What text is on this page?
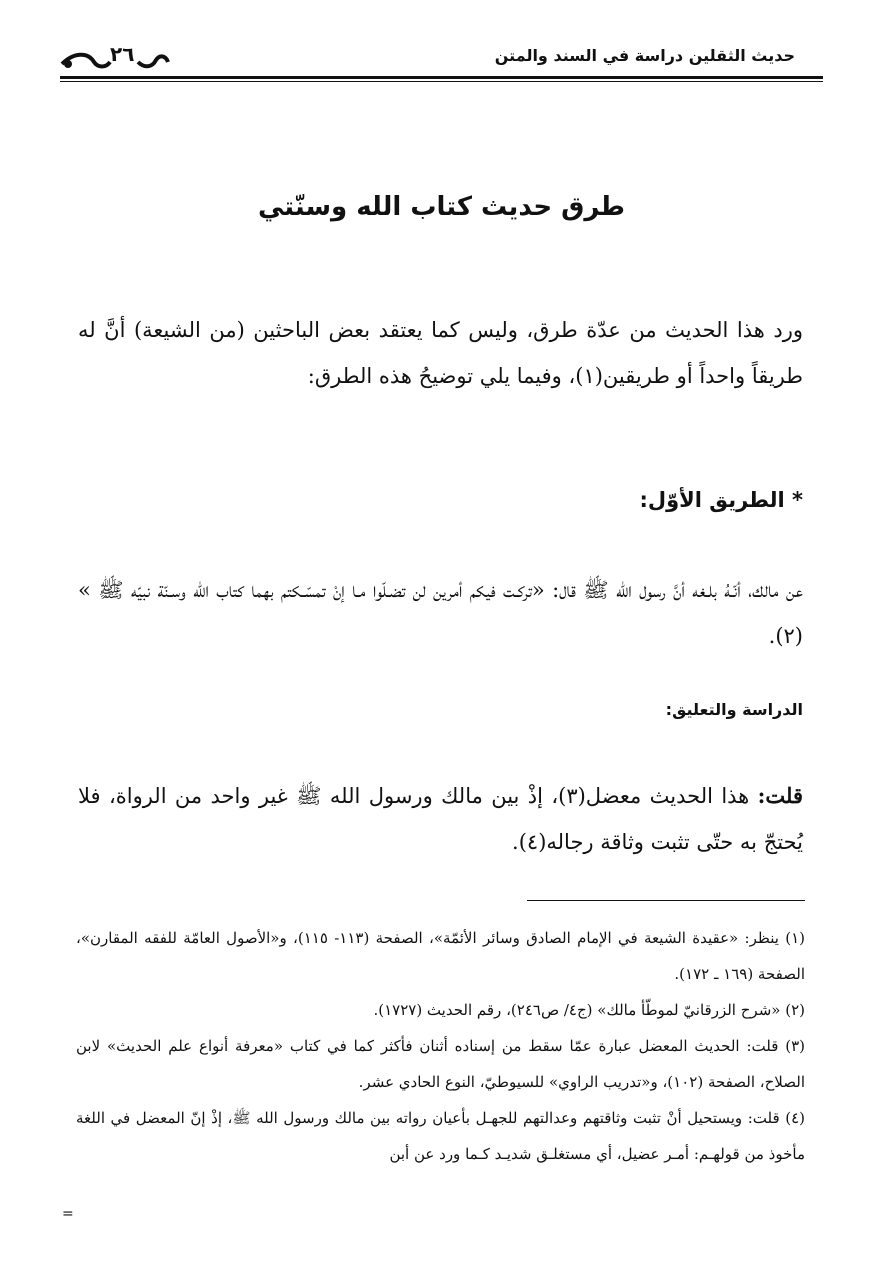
حديث الثقلين دراسة في السند والمتن
٢٦
طرق حديث كتاب الله وسنّتي

ورد هذا الحديث من عدّة طرق، وليس كما يعتقد بعض الباحثين (من الشيعة) أنَّ له طريقاً واحداً أو طريقين(١)، وفيما يلي توضيحُ هذه الطرق:

* الطريق الأوّل:

عن مالك، أنّـهُ بلـغه أنَّ رسول الله ﷺ قال: «تركـت فيكم أمرين لن تضـلّوا مـا إنْ تمسّـكتم بهما كتاب الله وسـنّة نبيّه ﷺ » (٢).

الدراسة والتعليق:

قلت: هذا الحديث معضل(٣)، إذْ بين مالك ورسول الله ﷺ غير واحد من الرواة، فلا يُحتجّ به حتّى تثبت وثاقة رجاله(٤).

(١) ينظر: «عقيدة الشيعة في الإمام الصادق وسائر الأئمّة»، الصفحة (١١٣- ١١٥)، و«الأصول العامّة للفقه المقارن»، الصفحة (١٦٩ ـ ١٧٢).

(٢) «شرح الزرقانيّ لموطّأ مالك» (ج٤/ ص٢٤٦)، رقم الحديث (١٧٢٧).

(٣) قلت: الحديث المعضل عبارة عمّا سقط من إسناده أثنان فأكثر كما في كتاب «معرفة أنواع علم الحديث» لابن الصلاح، الصفحة (١٠٢)، و«تدريب الراوي» للسيوطيّ، النوع الحادي عشر.

(٤) قلت: ويستحيل أنْ تثبت وثاقتهم وعدالتهم للجهـل بأعيان رواته بين مالك ورسول الله ﷺ، إذْ إنّ المعضل في اللغة مأخوذ من قولهـم: أمـر عضيل، أي مستغلـق شديـد كـما ورد عن أبن

=
